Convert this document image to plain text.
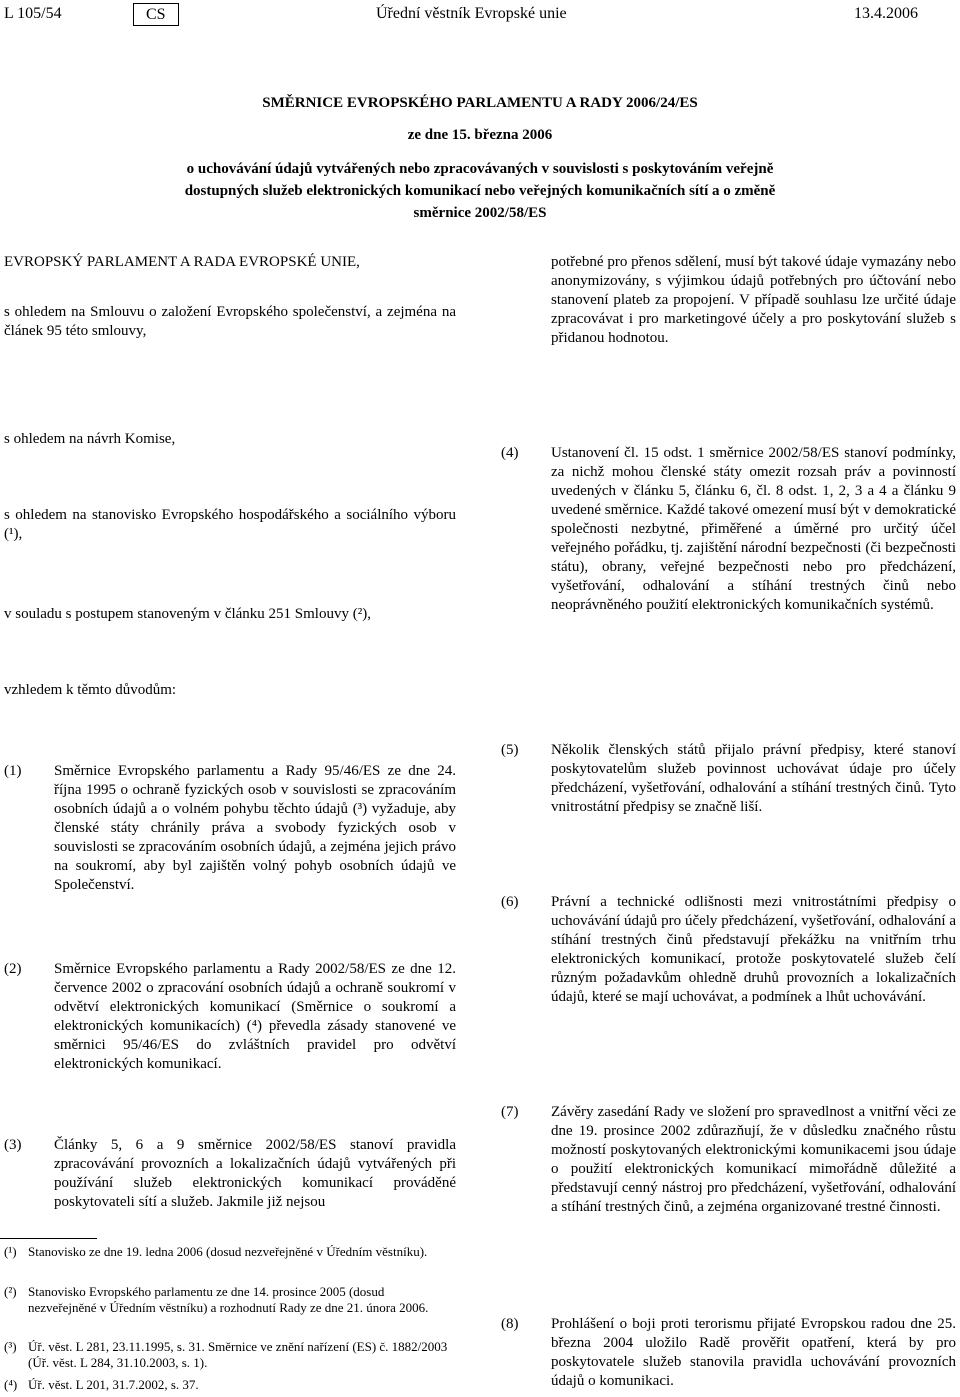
L 105/54	CS	Úřední věstník Evropské unie	13.4.2006
SMĚRNICE EVROPSKÉHO PARLAMENTU A RADY 2006/24/ES
ze dne 15. března 2006
o uchovávání údajů vytvářených nebo zpracovávaných v souvislosti s poskytováním veřejně
dostupných služeb elektronických komunikací nebo veřejných komunikačních sítí a o změně
směrnice 2002/58/ES
EVROPSKÝ PARLAMENT A RADA EVROPSKÉ UNIE,
s ohledem na Smlouvu o založení Evropského společenství, a zejména na článek 95 této smlouvy,
s ohledem na návrh Komise,
s ohledem na stanovisko Evropského hospodářského a sociálního výboru (¹),
v souladu s postupem stanoveným v článku 251 Smlouvy (²),
vzhledem k těmto důvodům:
potřebné pro přenos sdělení, musí být takové údaje vymazány nebo anonymizovány, s výjimkou údajů potřebných pro účtování nebo stanovení plateb za propojení. V případě souhlasu lze určité údaje zpracovávat i pro marketingové účely a pro poskytování služeb s přidanou hodnotou.
(1) Směrnice Evropského parlamentu a Rady 95/46/ES ze dne 24. října 1995 o ochraně fyzických osob v souvislosti se zpracováním osobních údajů a o volném pohybu těchto údajů (³) vyžaduje, aby členské státy chránily práva a svobody fyzických osob v souvislosti se zpracováním osobních údajů, a zejména jejich právo na soukromí, aby byl zajištěn volný pohyb osobních údajů ve Společenství.
(2) Směrnice Evropského parlamentu a Rady 2002/58/ES ze dne 12. července 2002 o zpracování osobních údajů a ochraně soukromí v odvětví elektronických komunikací (Směrnice o soukromí a elektronických komunikacích) (⁴) převedla zásady stanovené ve směrnici 95/46/ES do zvláštních pravidel pro odvětví elektronických komunikací.
(3) Články 5, 6 a 9 směrnice 2002/58/ES stanoví pravidla zpracovávání provozních a lokalizačních údajů vytvářených při používání služeb elektronických komunikací prováděné poskytovateli sítí a služeb. Jakmile již nejsou
(4) Ustanovení čl. 15 odst. 1 směrnice 2002/58/ES stanoví podmínky, za nichž mohou členské státy omezit rozsah práv a povinností uvedených v článku 5, článku 6, čl. 8 odst. 1, 2, 3 a 4 a článku 9 uvedené směrnice. Každé takové omezení musí být v demokratické společnosti nezbytné, přiměřené a úměrné pro určitý účel veřejného pořádku, tj. zajištění národní bezpečnosti (či bezpečnosti státu), obrany, veřejné bezpečnosti nebo pro předcházení, vyšetřování, odhalování a stíhání trestných činů nebo neoprávněného použití elektronických komunikačních systémů.
(5) Několik členských států přijalo právní předpisy, které stanoví poskytovatelům služeb povinnost uchovávat údaje pro účely předcházení, vyšetřování, odhalování a stíhání trestných činů. Tyto vnitrostátní předpisy se značně liší.
(6) Právní a technické odlišnosti mezi vnitrostátními předpisy o uchovávání údajů pro účely předcházení, vyšetřování, odhalování a stíhání trestných činů představují překážku na vnitřním trhu elektronických komunikací, protože poskytovatelé služeb čelí různým požadavkům ohledně druhů provozních a lokalizačních údajů, které se mají uchovávat, a podmínek a lhůt uchovávání.
(7) Závěry zasedání Rady ve složení pro spravedlnost a vnitřní věci ze dne 19. prosince 2002 zdůrazňují, že v důsledku značného růstu možností poskytovaných elektronickými komunikacemi jsou údaje o použití elektronických komunikací mimořádně důležité a představují cenný nástroj pro předcházení, vyšetřování, odhalování a stíhání trestných činů, a zejména organizované trestné činnosti.
(8) Prohlášení o boji proti terorismu přijaté Evropskou radou dne 25. března 2004 uložilo Radě prověřit opatření, která by pro poskytovatele služeb stanovila pravidla uchovávání provozních údajů o komunikaci.
(¹) Stanovisko ze dne 19. ledna 2006 (dosud nezveřejněné v Úředním věstníku).
(²) Stanovisko Evropského parlamentu ze dne 14. prosince 2005 (dosud nezveřejněné v Úředním věstníku) a rozhodnutí Rady ze dne 21. února 2006.
(³) Úř. věst. L 281, 23.11.1995, s. 31. Směrnice ve znění nařízení (ES) č. 1882/2003 (Úř. věst. L 284, 31.10.2003, s. 1).
(⁴) Úř. věst. L 201, 31.7.2002, s. 37.
